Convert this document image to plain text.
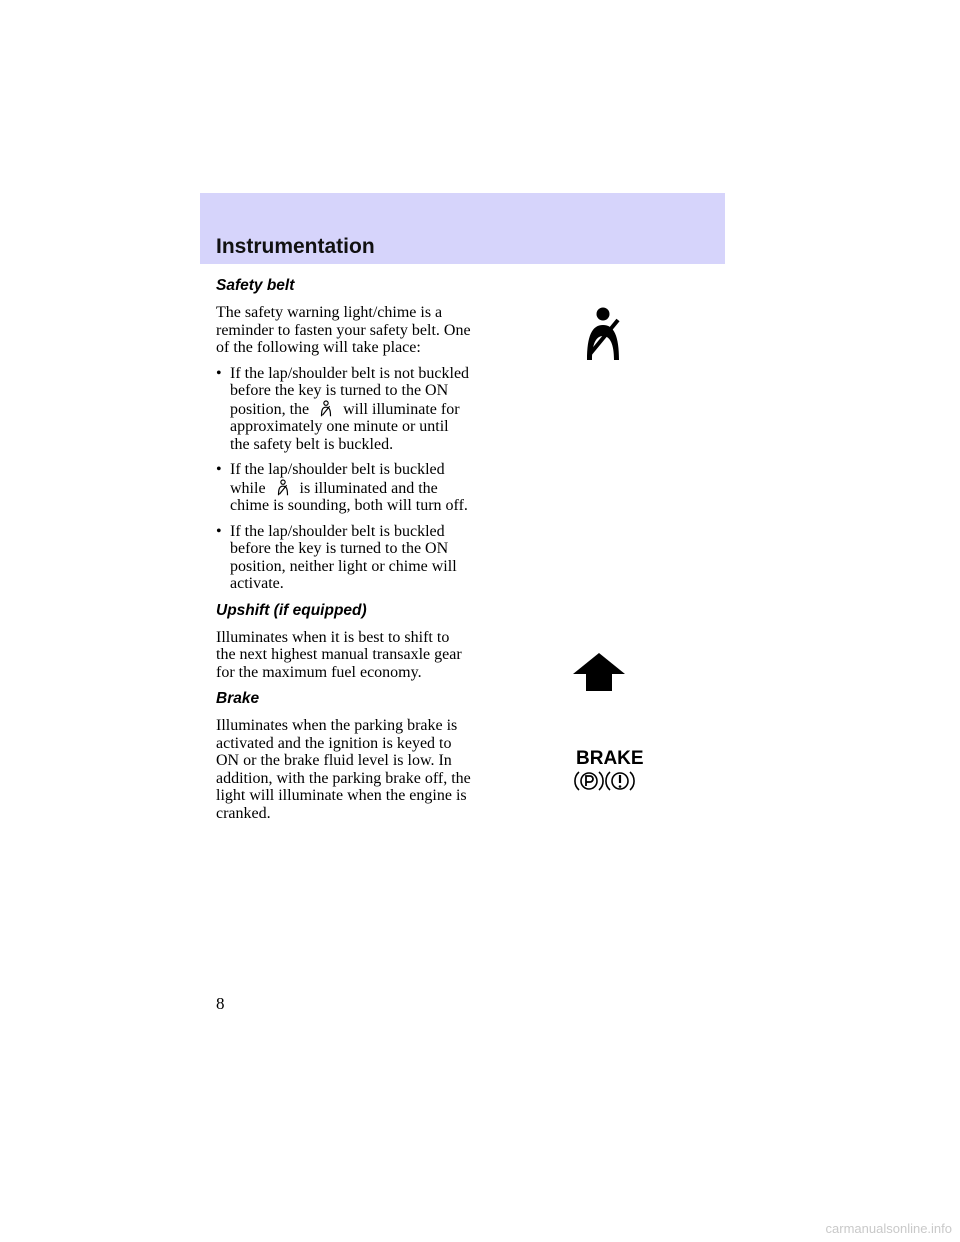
Instrumentation
Safety belt

The safety warning light/chime is a reminder to fasten your safety belt. One of the following will take place:

• If the lap/shoulder belt is not buckled before the key is turned to the ON position, the will illuminate for approximately one minute or until the safety belt is buckled.
• If the lap/shoulder belt is buckled while is illuminated and the chime is sounding, both will turn off.
• If the lap/shoulder belt is buckled before the key is turned to the ON position, neither light or chime will activate.
Upshift (if equipped)

Illuminates when it is best to shift to the next highest manual transaxle gear for the maximum fuel economy.

Brake

Illuminates when the parking brake is activated and the ignition is keyed to ON or the brake fluid level is low. In addition, with the parking brake off, the light will illuminate when the engine is cranked.

BRAKE
8
carmanualsonline.info
